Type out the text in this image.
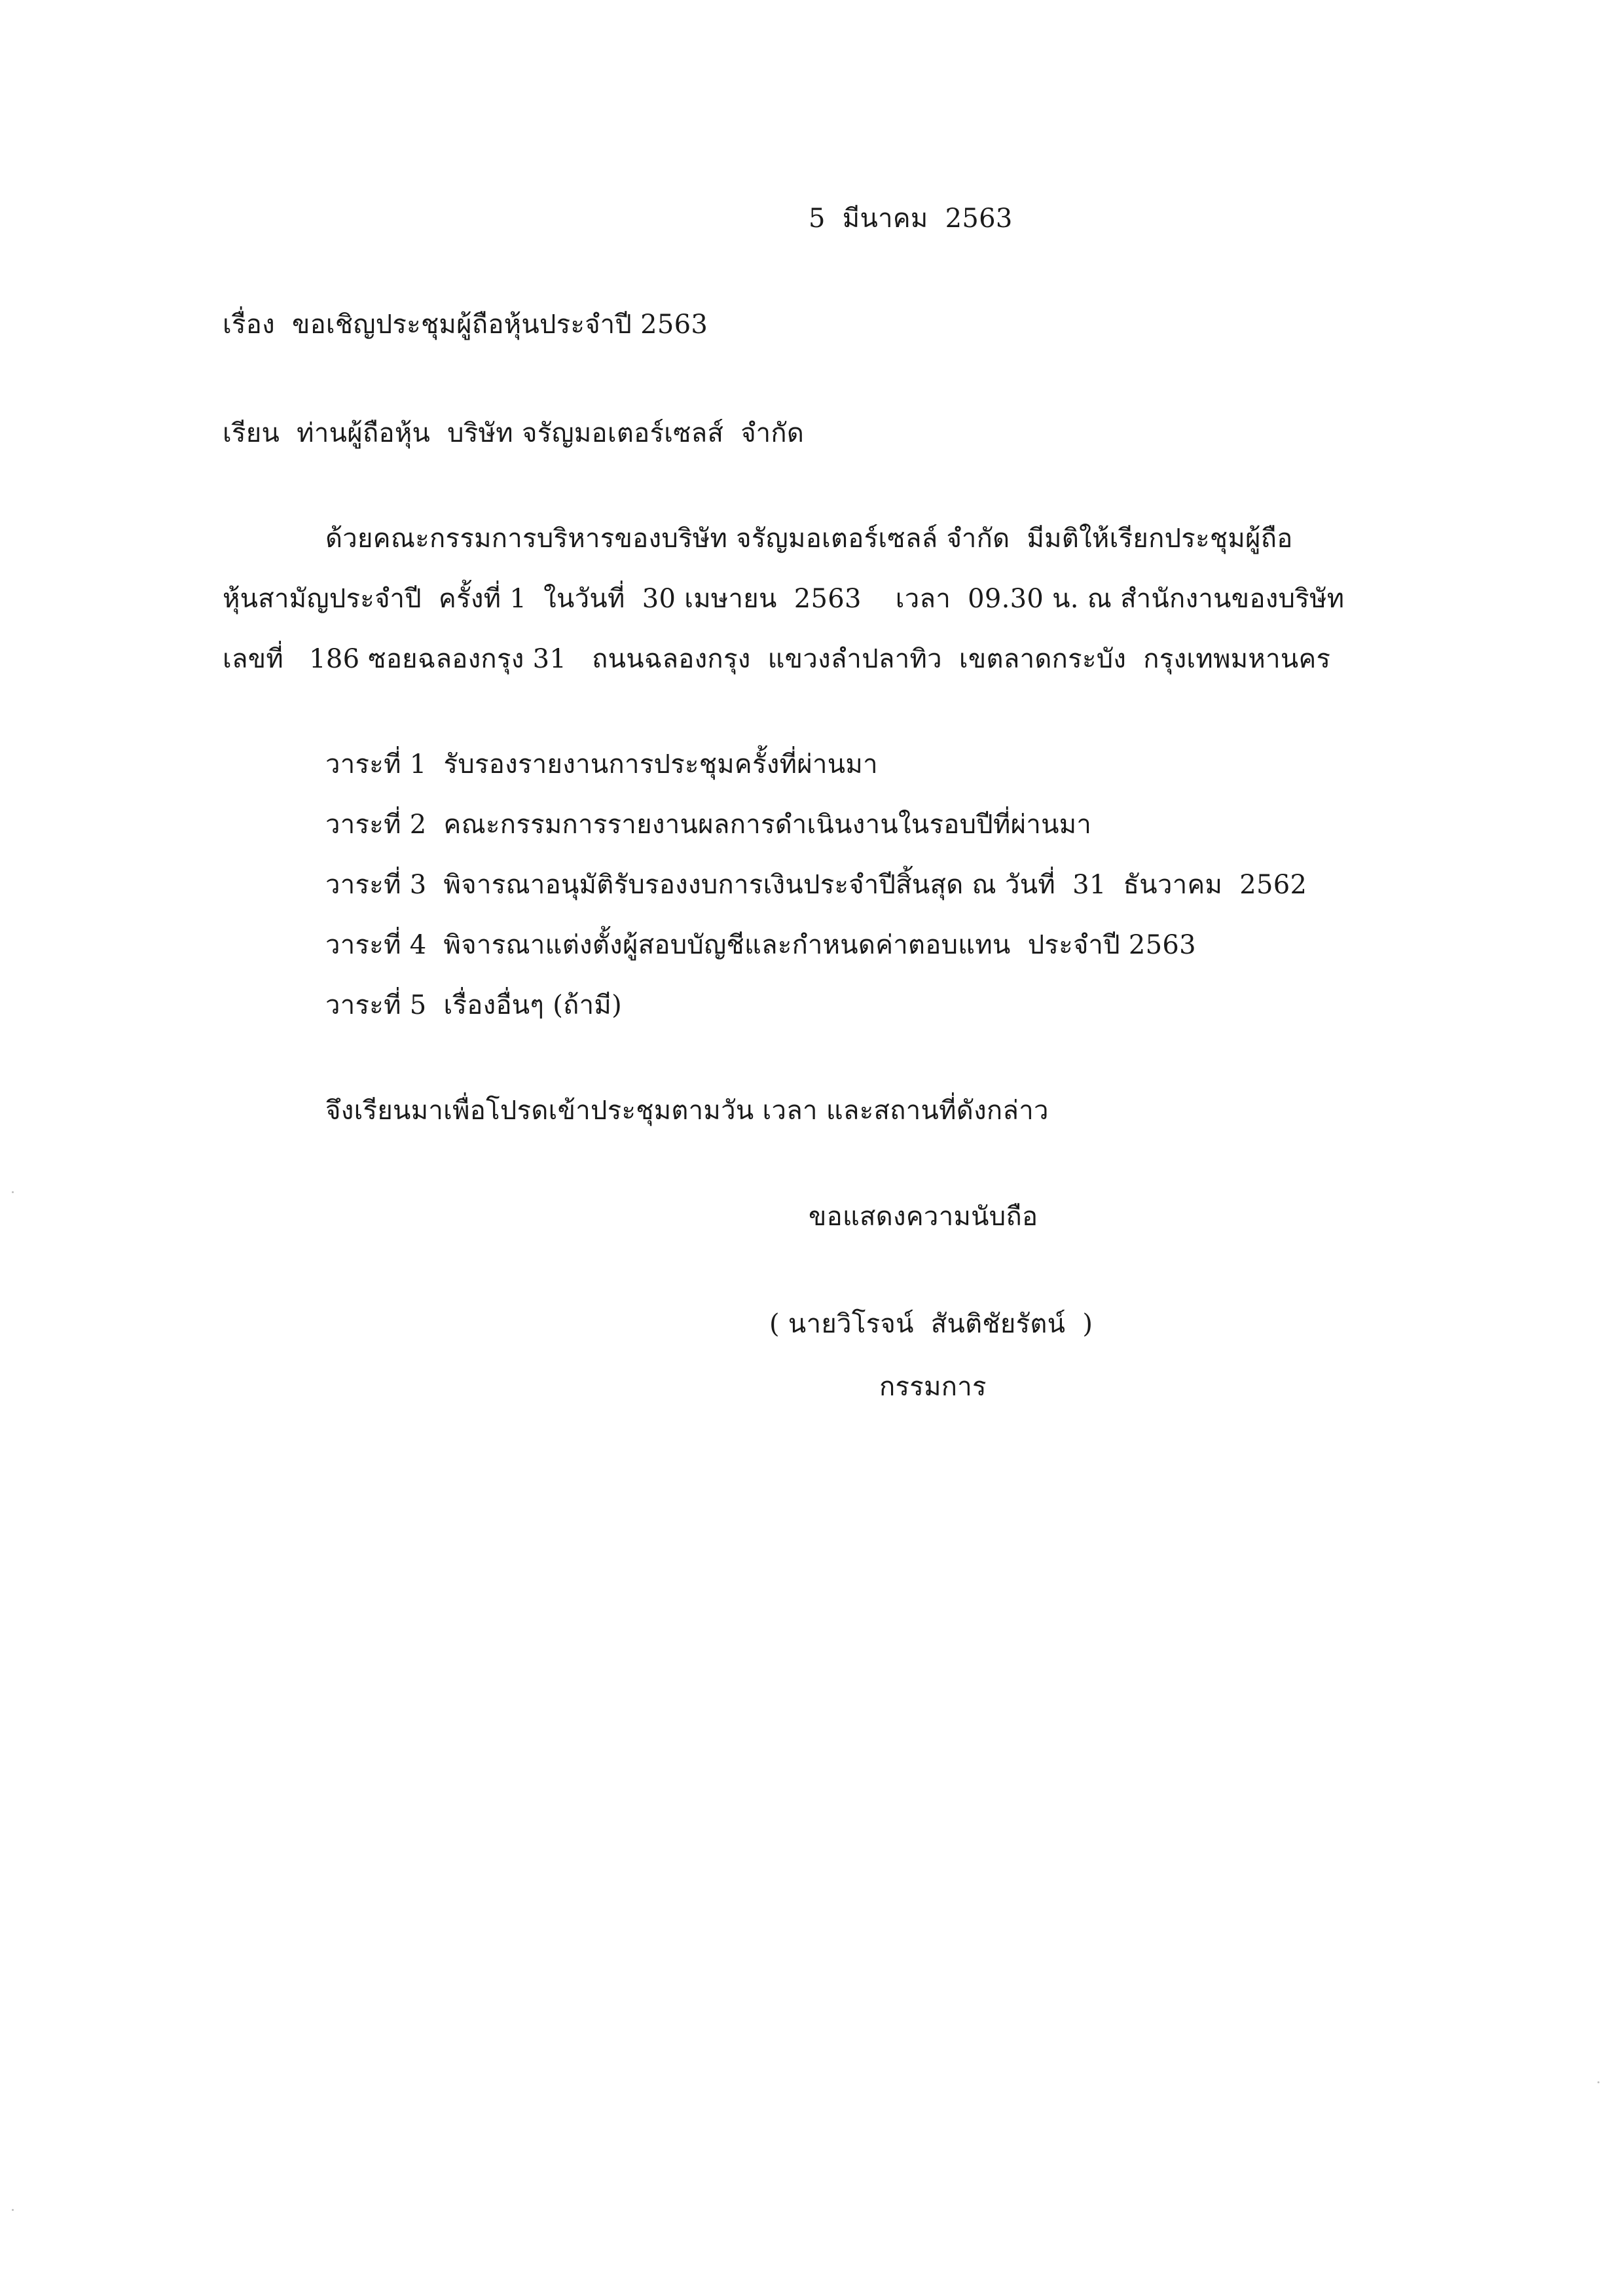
5  มีนาคม  2563
เรื่อง  ขอเชิญประชุมผู้ถือหุ้นประจำปี 2563
เรียน  ท่านผู้ถือหุ้น  บริษัท จรัญมอเตอร์เซลส์  จำกัด
ด้วยคณะกรรมการบริหารของบริษัท จรัญมอเตอร์เซลล์ จำกัด  มีมติให้เรียกประชุมผู้ถือ
หุ้นสามัญประจำปี  ครั้งที่ 1  ในวันที่  30 เมษายน  2563    เวลา  09.30 น. ณ สำนักงานของบริษัท
เลขที่   186 ซอยฉลองกรุง 31   ถนนฉลองกรุง  แขวงลำปลาทิว  เขตลาดกระบัง  กรุงเทพมหานคร
วาระที่ 1  รับรองรายงานการประชุมครั้งที่ผ่านมา
วาระที่ 2  คณะกรรมการรายงานผลการดำเนินงานในรอบปีที่ผ่านมา
วาระที่ 3  พิจารณาอนุมัติรับรองงบการเงินประจำปีสิ้นสุด ณ วันที่  31  ธันวาคม  2562
วาระที่ 4  พิจารณาแต่งตั้งผู้สอบบัญชีและกำหนดค่าตอบแทน  ประจำปี 2563
วาระที่ 5  เรื่องอื่นๆ (ถ้ามี)
จึงเรียนมาเพื่อโปรดเข้าประชุมตามวัน เวลา และสถานที่ดังกล่าว
ขอแสดงความนับถือ
( นายวิโรจน์  สันติชัยรัตน์  )
กรรมการ
